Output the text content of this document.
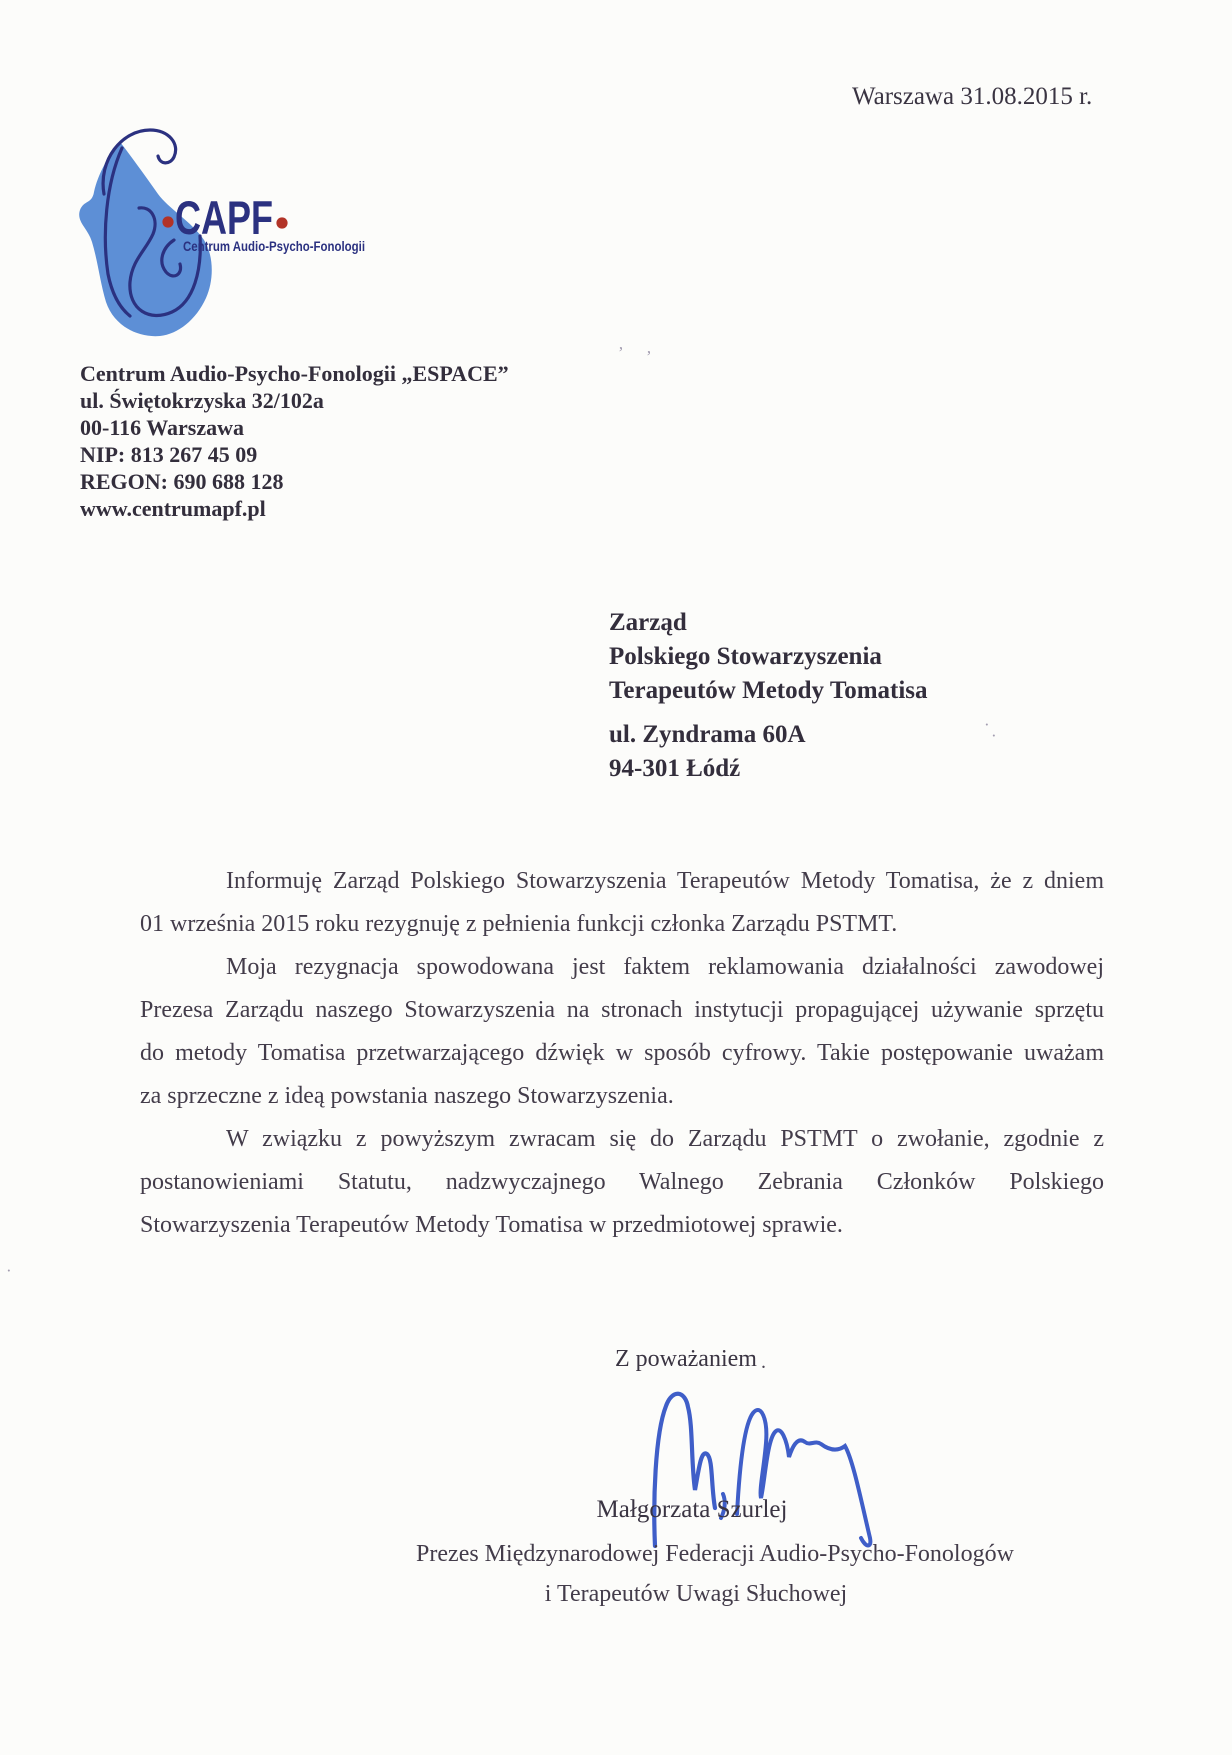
Warszawa 31.08.2015 r.
CAPF
Centrum Audio-Psycho-Fonologii
Centrum Audio-Psycho-Fonologii „ESPACE”
ul. Świętokrzyska 32/102a
00-116 Warszawa
NIP: 813 267 45 09
REGON: 690 688 128
www.centrumapf.pl
Zarząd
Polskiego Stowarzyszenia
Terapeutów Metody Tomatisa
ul. Zyndrama 60A
94-301 Łódź
Informuję Zarząd Polskiego Stowarzyszenia Terapeutów Metody Tomatisa, że z dniem
01 września 2015 roku rezygnuję z pełnienia funkcji członka Zarządu PSTMT.
Moja rezygnacja spowodowana jest faktem reklamowania działalności zawodowej
Prezesa Zarządu naszego Stowarzyszenia na stronach instytucji propagującej używanie sprzętu
do metody Tomatisa przetwarzającego dźwięk w sposób cyfrowy. Takie postępowanie uważam
za sprzeczne z ideą powstania naszego Stowarzyszenia.
W związku z powyższym zwracam się do Zarządu PSTMT o zwołanie, zgodnie z
postanowieniami Statutu, nadzwyczajnego Walnego Zebrania Członków Polskiego
Stowarzyszenia Terapeutów Metody Tomatisa w przedmiotowej sprawie.
Z poważaniem
Małgorzata Szurlej
Prezes Międzynarodowej Federacji Audio-Psycho-Fonologów
i Terapeutów Uwagi Słuchowej
’ ’
.
·
·
·
